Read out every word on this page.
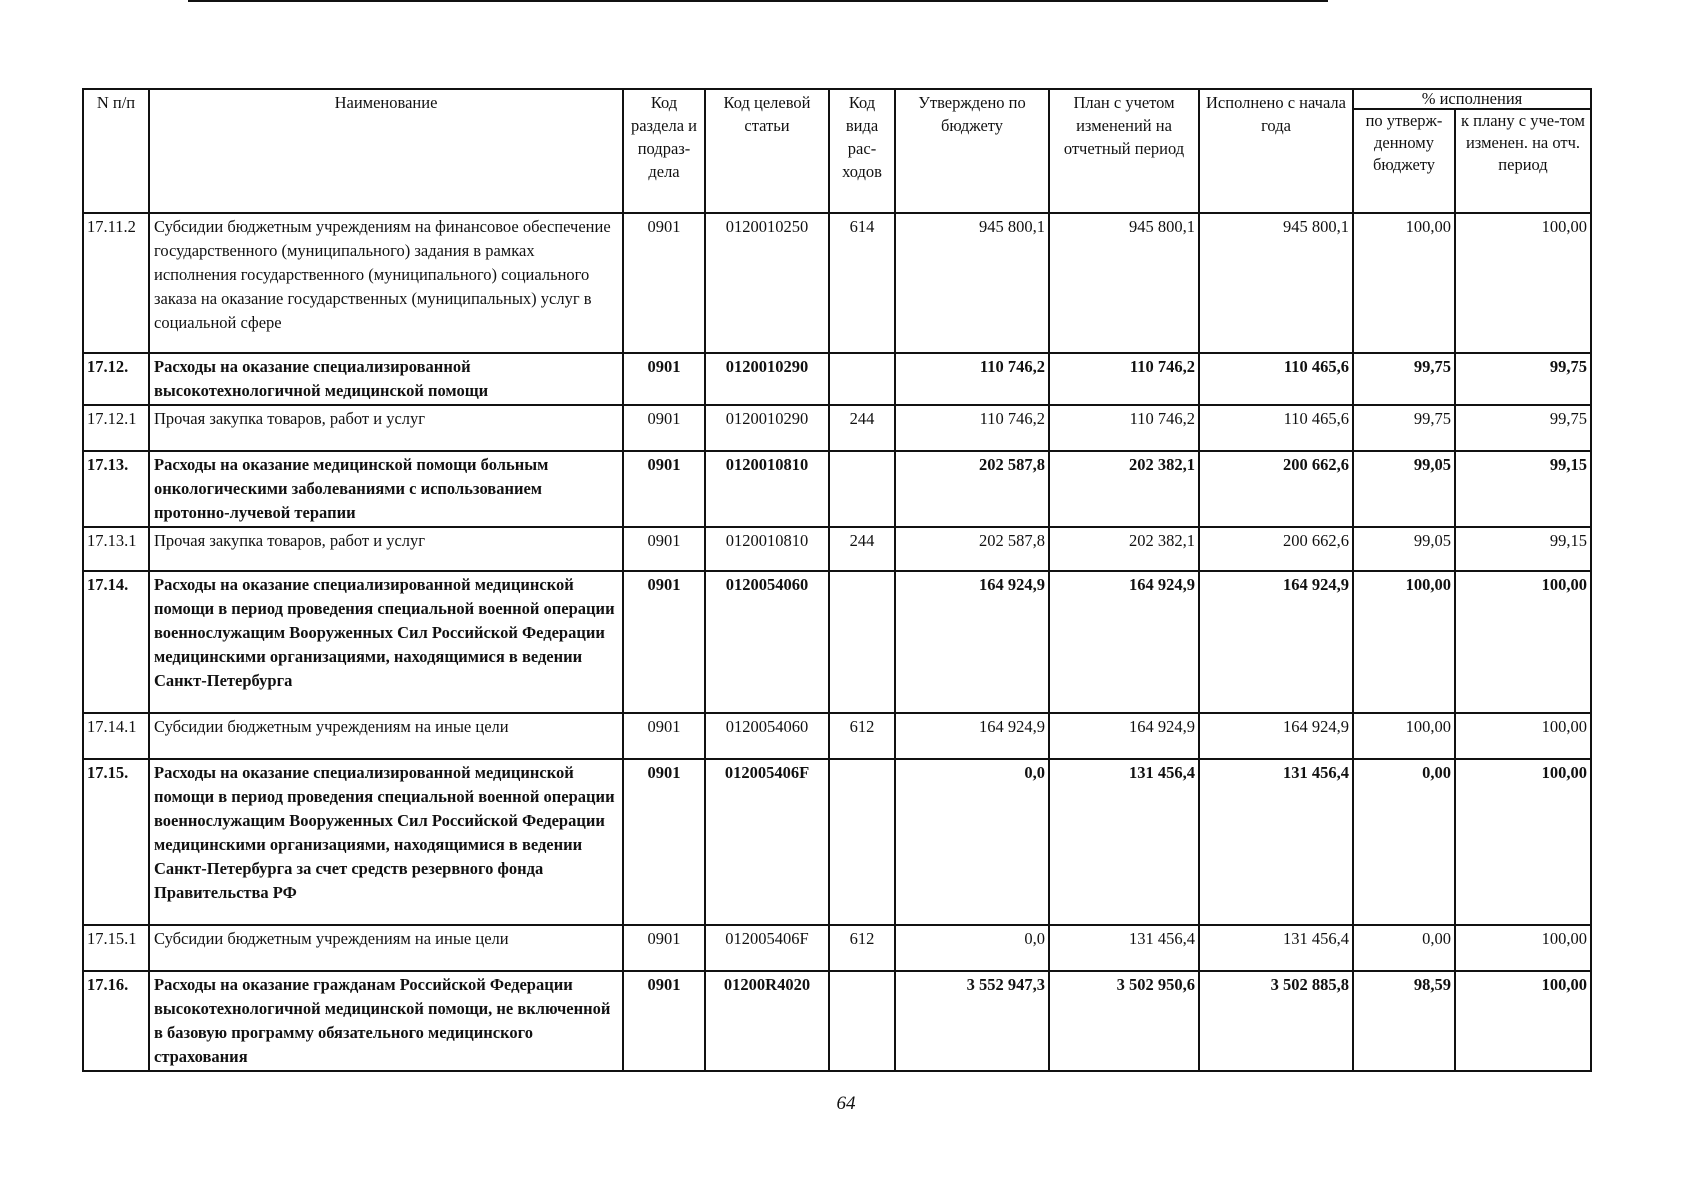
N п/п	Наименование	Код раздела и подраз-дела	Код целевой статьи	Код вида рас-ходов	Утверждено по бюджету	План с учетом изменений на отчетный период	Исполнено с начала года	% исполнения	
								по утверж-денному бюджету	к плану с уче-том изменен. на отч. период
17.11.2	Субсидии бюджетным учреждениям на финансовое обеспечение государственного (муниципального) задания в рамках исполнения государственного (муниципального) социального заказа на оказание государственных (муниципальных) услуг в социальной сфере	0901	0120010250	614	945 800,1	945 800,1	945 800,1	100,00	100,00
17.12.	Расходы на оказание специализированной высокотехнологичной медицинской помощи	0901	0120010290		110 746,2	110 746,2	110 465,6	99,75	99,75
17.12.1	Прочая закупка товаров, работ и услуг	0901	0120010290	244	110 746,2	110 746,2	110 465,6	99,75	99,75
17.13.	Расходы на оказание медицинской помощи больным онкологическими заболеваниями с использованием протонно-лучевой терапии	0901	0120010810		202 587,8	202 382,1	200 662,6	99,05	99,15
17.13.1	Прочая закупка товаров, работ и услуг	0901	0120010810	244	202 587,8	202 382,1	200 662,6	99,05	99,15
17.14.	Расходы на оказание специализированной медицинской помощи в период проведения специальной военной операции военнослужащим Вооруженных Сил Российской Федерации медицинскими организациями, находящимися в ведении Санкт-Петербурга	0901	0120054060		164 924,9	164 924,9	164 924,9	100,00	100,00
17.14.1	Субсидии бюджетным учреждениям на иные цели	0901	0120054060	612	164 924,9	164 924,9	164 924,9	100,00	100,00
17.15.	Расходы на оказание специализированной медицинской помощи в период проведения специальной военной операции военнослужащим Вооруженных Сил Российской Федерации медицинскими организациями, находящимися в ведении Санкт-Петербурга за счет средств резервного фонда Правительства РФ	0901	012005406F		0,0	131 456,4	131 456,4	0,00	100,00
17.15.1	Субсидии бюджетным учреждениям на иные цели	0901	012005406F	612	0,0	131 456,4	131 456,4	0,00	100,00
17.16.	Расходы на оказание гражданам Российской Федерации высокотехнологичной медицинской помощи, не включенной в базовую программу обязательного медицинского страхования	0901	01200R4020		3 552 947,3	3 502 950,6	3 502 885,8	98,59	100,00
64
